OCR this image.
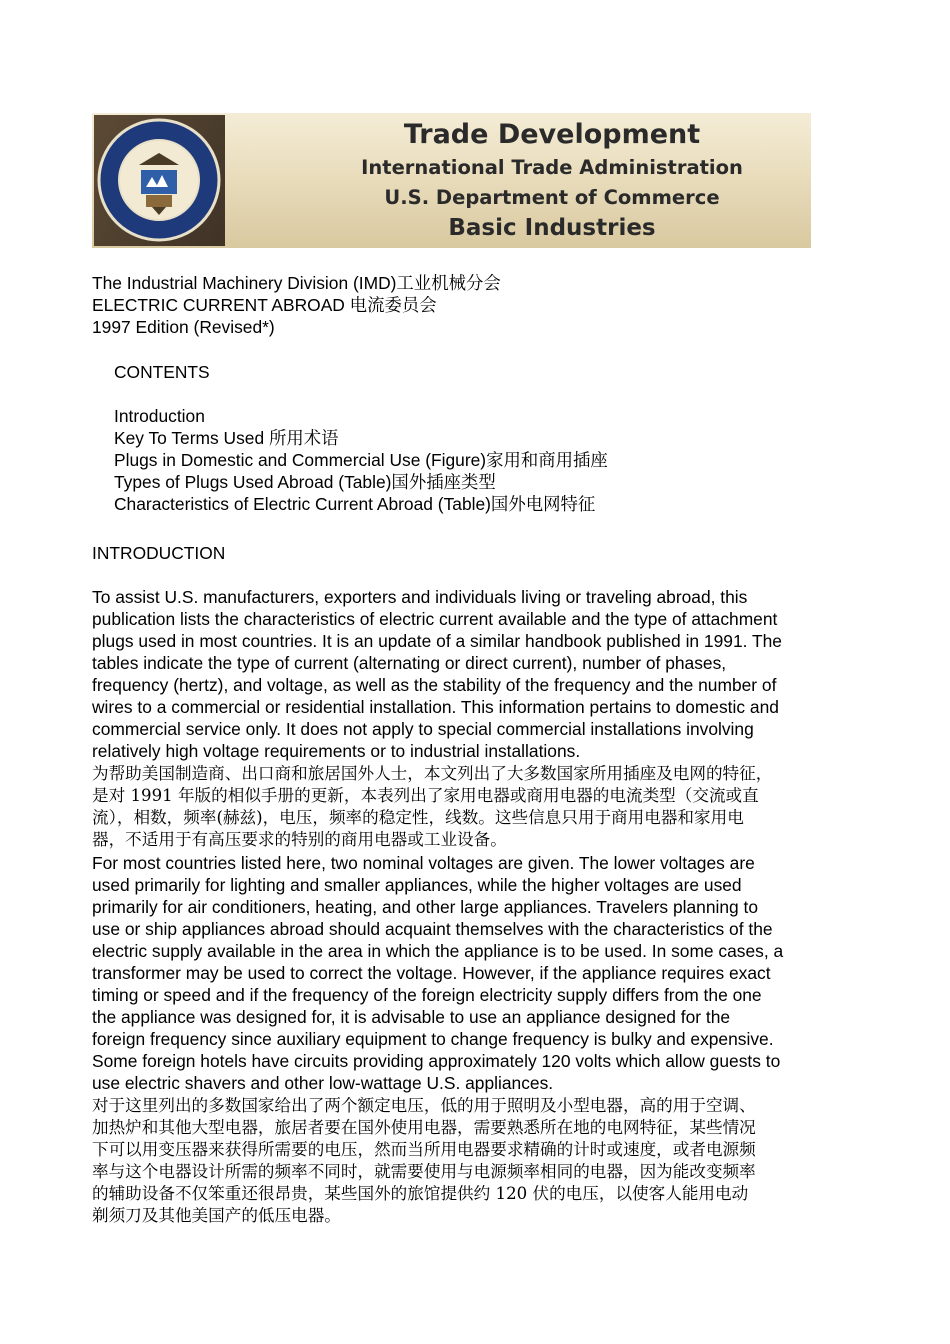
Trade Development
International Trade Administration
U.S. Department of Commerce
Basic Industries
The Industrial Machinery Division (IMD)工业机械分会
ELECTRIC CURRENT ABROAD 电流委员会
1997 Edition (Revised*)
CONTENTS
Introduction
Key To Terms Used 所用术语
Plugs in Domestic and Commercial Use (Figure)家用和商用插座
Types of Plugs Used Abroad (Table)国外插座类型
Characteristics of Electric Current Abroad (Table)国外电网特征
INTRODUCTION
To assist U.S. manufacturers, exporters and individuals living or traveling abroad, this
publication lists the characteristics of electric current available and the type of attachment
plugs used in most countries. It is an update of a similar handbook published in 1991. The
tables indicate the type of current (alternating or direct current), number of phases,
frequency (hertz), and voltage, as well as the stability of the frequency and the number of
wires to a commercial or residential installation. This information pertains to domestic and
commercial service only. It does not apply to special commercial installations involving
relatively high voltage requirements or to industrial installations.
为帮助美国制造商、出口商和旅居国外人士，本文列出了大多数国家所用插座及电网的特征，
是对 1991 年版的相似手册的更新，本表列出了家用电器或商用电器的电流类型（交流或直
流），相数，频率(赫兹)，电压，频率的稳定性，线数。这些信息只用于商用电器和家用电
器，不适用于有高压要求的特别的商用电器或工业设备。
For most countries listed here, two nominal voltages are given. The lower voltages are
used primarily for lighting and smaller appliances, while the higher voltages are used
primarily for air conditioners, heating, and other large appliances. Travelers planning to
use or ship appliances abroad should acquaint themselves with the characteristics of the
electric supply available in the area in which the appliance is to be used. In some cases, a
transformer may be used to correct the voltage. However, if the appliance requires exact
timing or speed and if the frequency of the foreign electricity supply differs from the one
the appliance was designed for, it is advisable to use an appliance designed for the
foreign frequency since auxiliary equipment to change frequency is bulky and expensive.
Some foreign hotels have circuits providing approximately 120 volts which allow guests to
use electric shavers and other low-wattage U.S. appliances.
对于这里列出的多数国家给出了两个额定电压，低的用于照明及小型电器，高的用于空调、
加热炉和其他大型电器，旅居者要在国外使用电器，需要熟悉所在地的电网特征，某些情况
下可以用变压器来获得所需要的电压，然而当所用电器要求精确的计时或速度，或者电源频
率与这个电器设计所需的频率不同时，就需要使用与电源频率相同的电器，因为能改变频率
的辅助设备不仅笨重还很昂贵，某些国外的旅馆提供约 120 伏的电压，以使客人能用电动
剃须刀及其他美国产的低压电器。
